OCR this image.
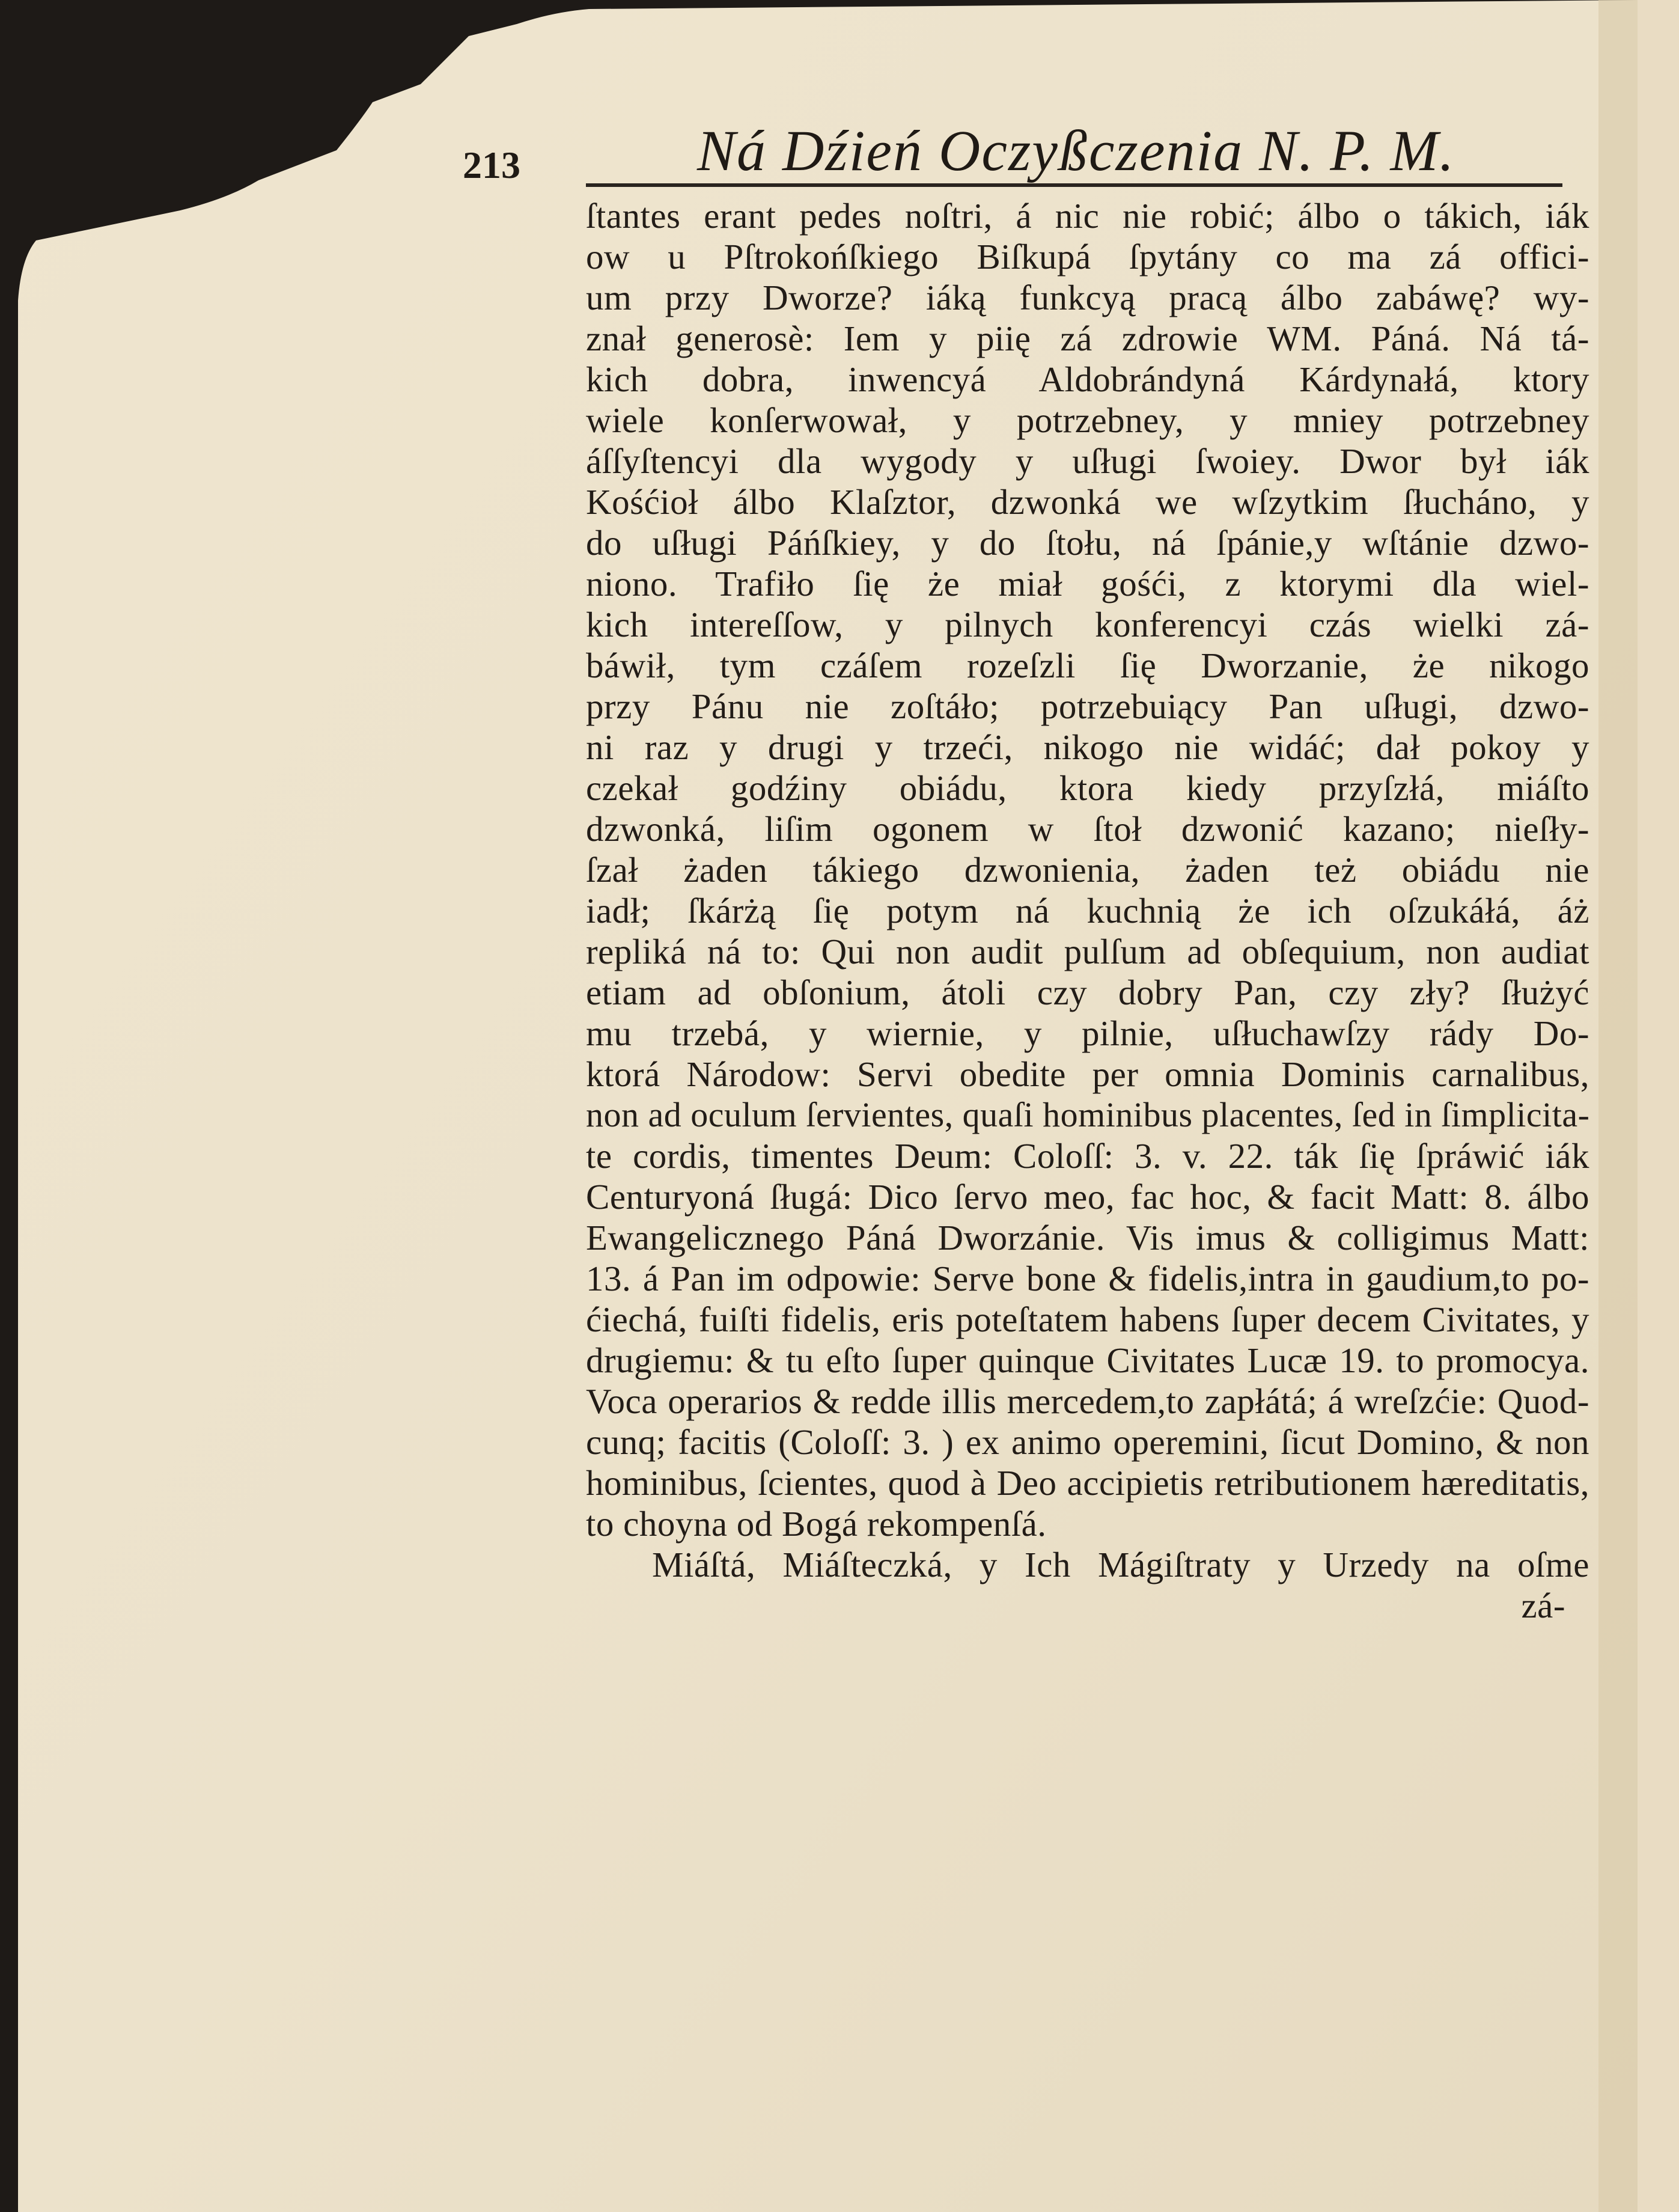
213	Ná Dźień Oczyßczenia N. P. M.
ſtantes erant pedes noſtri, á nic nie robić; álbo o tákich, iák
ow u Pſtrokońſkiego Biſkupá ſpytány co ma zá offici-
um przy Dworze? iáką funkcyą pracą álbo zabáwę? wy-
znał generosè: Iem y piię zá zdrowie WM. Páná. Ná tá-
kich dobra, inwencyá Aldobrándyná Kárdynałá, ktory
wiele konſerwował, y potrzebney, y mniey potrzebney
áſſyſtencyi dla wygody y uſługi ſwoiey. Dwor był iák
Kośćioł álbo Klaſztor, dzwonká we wſzytkim ſłucháno, y
do uſługi Páńſkiey, y do ſtołu, ná ſpánie,y wſtánie dzwo-
niono. Trafiło ſię że miał gośći, z ktorymi dla wiel-
kich intereſſow, y pilnych konferencyi czás wielki zá-
báwił, tym czáſem rozeſzli ſię Dworzanie, że nikogo
przy Pánu nie zoſtáło; potrzebuiący Pan uſługi, dzwo-
ni raz y drugi y trzeći, nikogo nie widáć; dał pokoy y
czekał godźiny obiádu, ktora kiedy przyſzłá, miáſto
dzwonká, liſim ogonem w ſtoł dzwonić kazano; nieſły-
ſzał żaden tákiego dzwonienia, żaden też obiádu nie
iadł; ſkárżą ſię potym ná kuchnią że ich oſzukáłá, áż
repliká ná to: Qui non audit pulſum ad obſequium, non audiat
etiam ad obſonium, átoli czy dobry Pan, czy zły? ſłużyć
mu trzebá, y wiernie, y pilnie, uſłuchawſzy rády Do-
ktorá Národow: Servi obedite per omnia Dominis carnalibus,
non ad oculum ſervientes, quaſi hominibus placentes, ſed in ſimplicita-
te cordis, timentes Deum: Coloſſ: 3. v. 22. ták ſię ſpráwić iák
Centuryoná ſługá: Dico ſervo meo, fac hoc, & facit Matt: 8. álbo
Ewangelicznego Páná Dworzánie. Vis imus & colligimus Matt:
13. á Pan im odpowie: Serve bone & fidelis,intra in gaudium,to po-
ćiechá, fuiſti fidelis, eris poteſtatem habens ſuper decem Civitates, y
drugiemu: & tu eſto ſuper quinque Civitates Lucæ 19. to promocya.
Voca operarios & redde illis mercedem,to zapłátá; á wreſzćie: Quod-
cunq; facitis (Coloſſ: 3. ) ex animo operemini, ſicut Domino, & non
hominibus, ſcientes, quod à Deo accipietis retributionem hæreditatis,
to choyna od Bogá rekompenſá.
Miáſtá, Miáſteczká, y Ich Mágiſtraty y Urzedy na oſme
zá-
